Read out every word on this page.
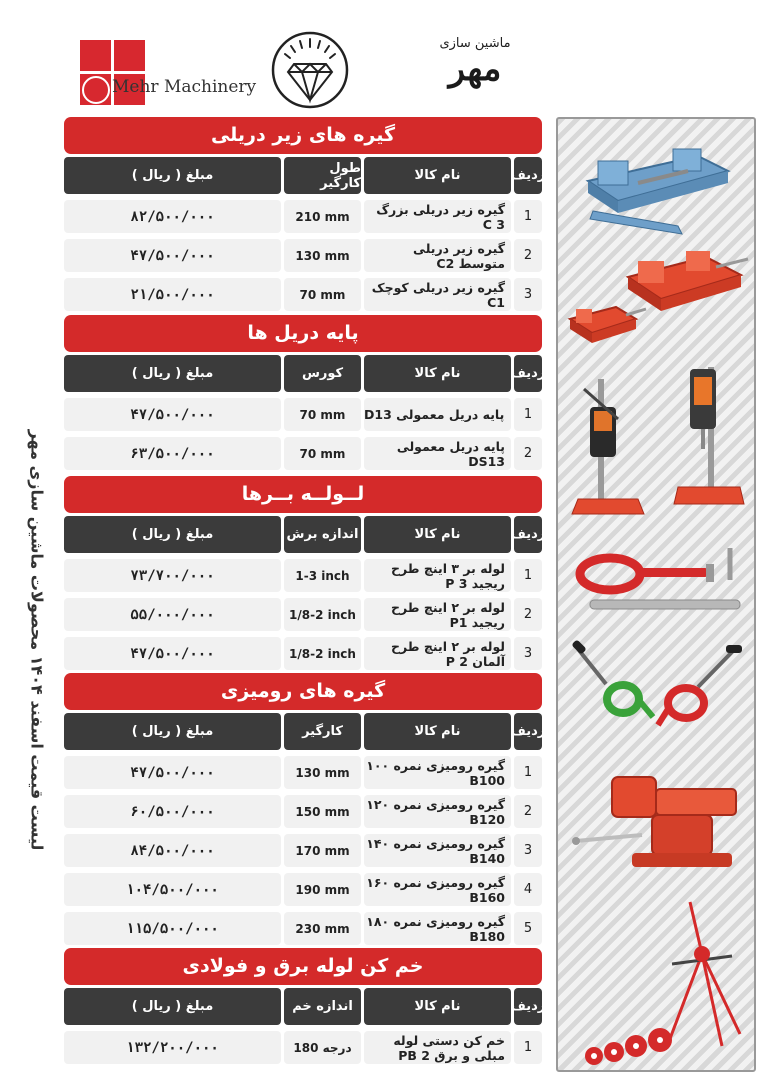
Mehr Machinery
ماشین سازی
مهر
لیست قیمت اسفند ۱۴۰۴ محصولات ماشین سازی مهر
گیره های زیر دریلی
ردیف
نام کالا
طول کارگیر
مبلغ ( ریال )
1
گیره زیر دریلی بزرگ C 3
210 mm
۸۲/۵۰۰/۰۰۰
2
گیره زیر دریلی متوسط C2
130 mm
۴۷/۵۰۰/۰۰۰
3
گیره زیر دریلی کوچک C1
70 mm
۲۱/۵۰۰/۰۰۰
پایه دریل ها
ردیف
نام کالا
کورس
مبلغ ( ریال )
1
پایه دریل معمولی D13
70 mm
۴۷/۵۰۰/۰۰۰
2
پایه دریل معمولی DS13
70 mm
۶۳/۵۰۰/۰۰۰
لــولــه بــرها
ردیف
نام کالا
اندازه برش
مبلغ ( ریال )
1
لوله بر ۳ اینچ طرح ریجید P 3
1-3 inch
۷۳/۷۰۰/۰۰۰
2
لوله بر ۲ اینچ طرح ریجید P1
1/8-2 inch
۵۵/۰۰۰/۰۰۰
3
لوله بر ۲ اینچ طرح آلمان P 2
1/8-2 inch
۴۷/۵۰۰/۰۰۰
گیره های رومیزی
ردیف
نام کالا
کارگیر
مبلغ ( ریال )
1
گیره رومیزی نمره ۱۰۰ B100
130 mm
۴۷/۵۰۰/۰۰۰
2
گیره رومیزی نمره ۱۲۰ B120
150 mm
۶۰/۵۰۰/۰۰۰
3
گیره رومیزی نمره ۱۴۰ B140
170 mm
۸۴/۵۰۰/۰۰۰
4
گیره رومیزی نمره ۱۶۰ B160
190 mm
۱۰۴/۵۰۰/۰۰۰
5
گیره رومیزی نمره ۱۸۰ B180
230 mm
۱۱۵/۵۰۰/۰۰۰
خم کن لوله برق و فولادی
ردیف
نام کالا
اندازه خم
مبلغ ( ریال )
1
خم کن دستی لوله مبلی و برق PB 2
180 درجه
۱۳۲/۲۰۰/۰۰۰
